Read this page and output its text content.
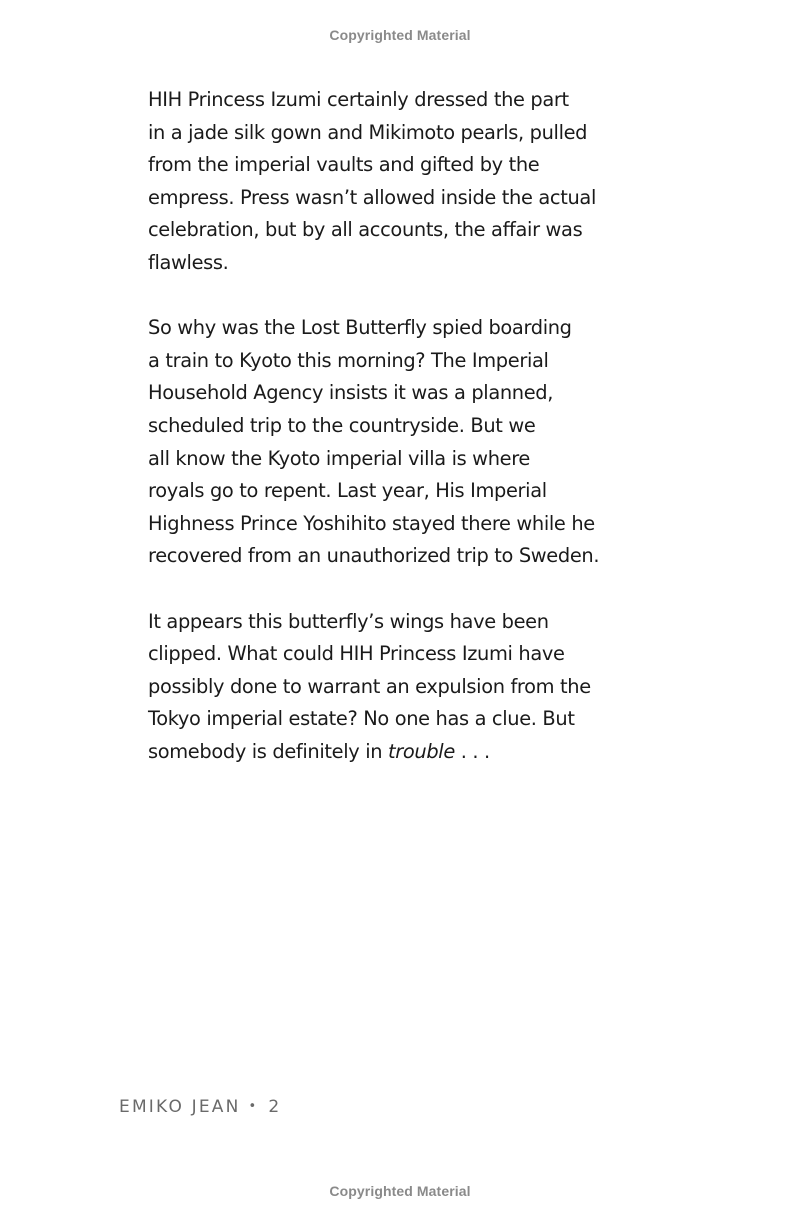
Copyrighted Material

HIH Princess Izumi certainly dressed the part
in a jade silk gown and Mikimoto pearls, pulled
from the imperial vaults and gifted by the
empress. Press wasn’t allowed inside the actual
celebration, but by all accounts, the affair was
flawless.

So why was the Lost Butterfly spied boarding
a train to Kyoto this morning? The Imperial
Household Agency insists it was a planned,
scheduled trip to the countryside. But we
all know the Kyoto imperial villa is where
royals go to repent. Last year, His Imperial
Highness Prince Yoshihito stayed there while he
recovered from an unauthorized trip to Sweden.

It appears this butterfly’s wings have been
clipped. What could HIH Princess Izumi have
possibly done to warrant an expulsion from the
Tokyo imperial estate? No one has a clue. But
somebody is definitely in trouble . . .

EMIKO JEAN • 2
Copyrighted Material
